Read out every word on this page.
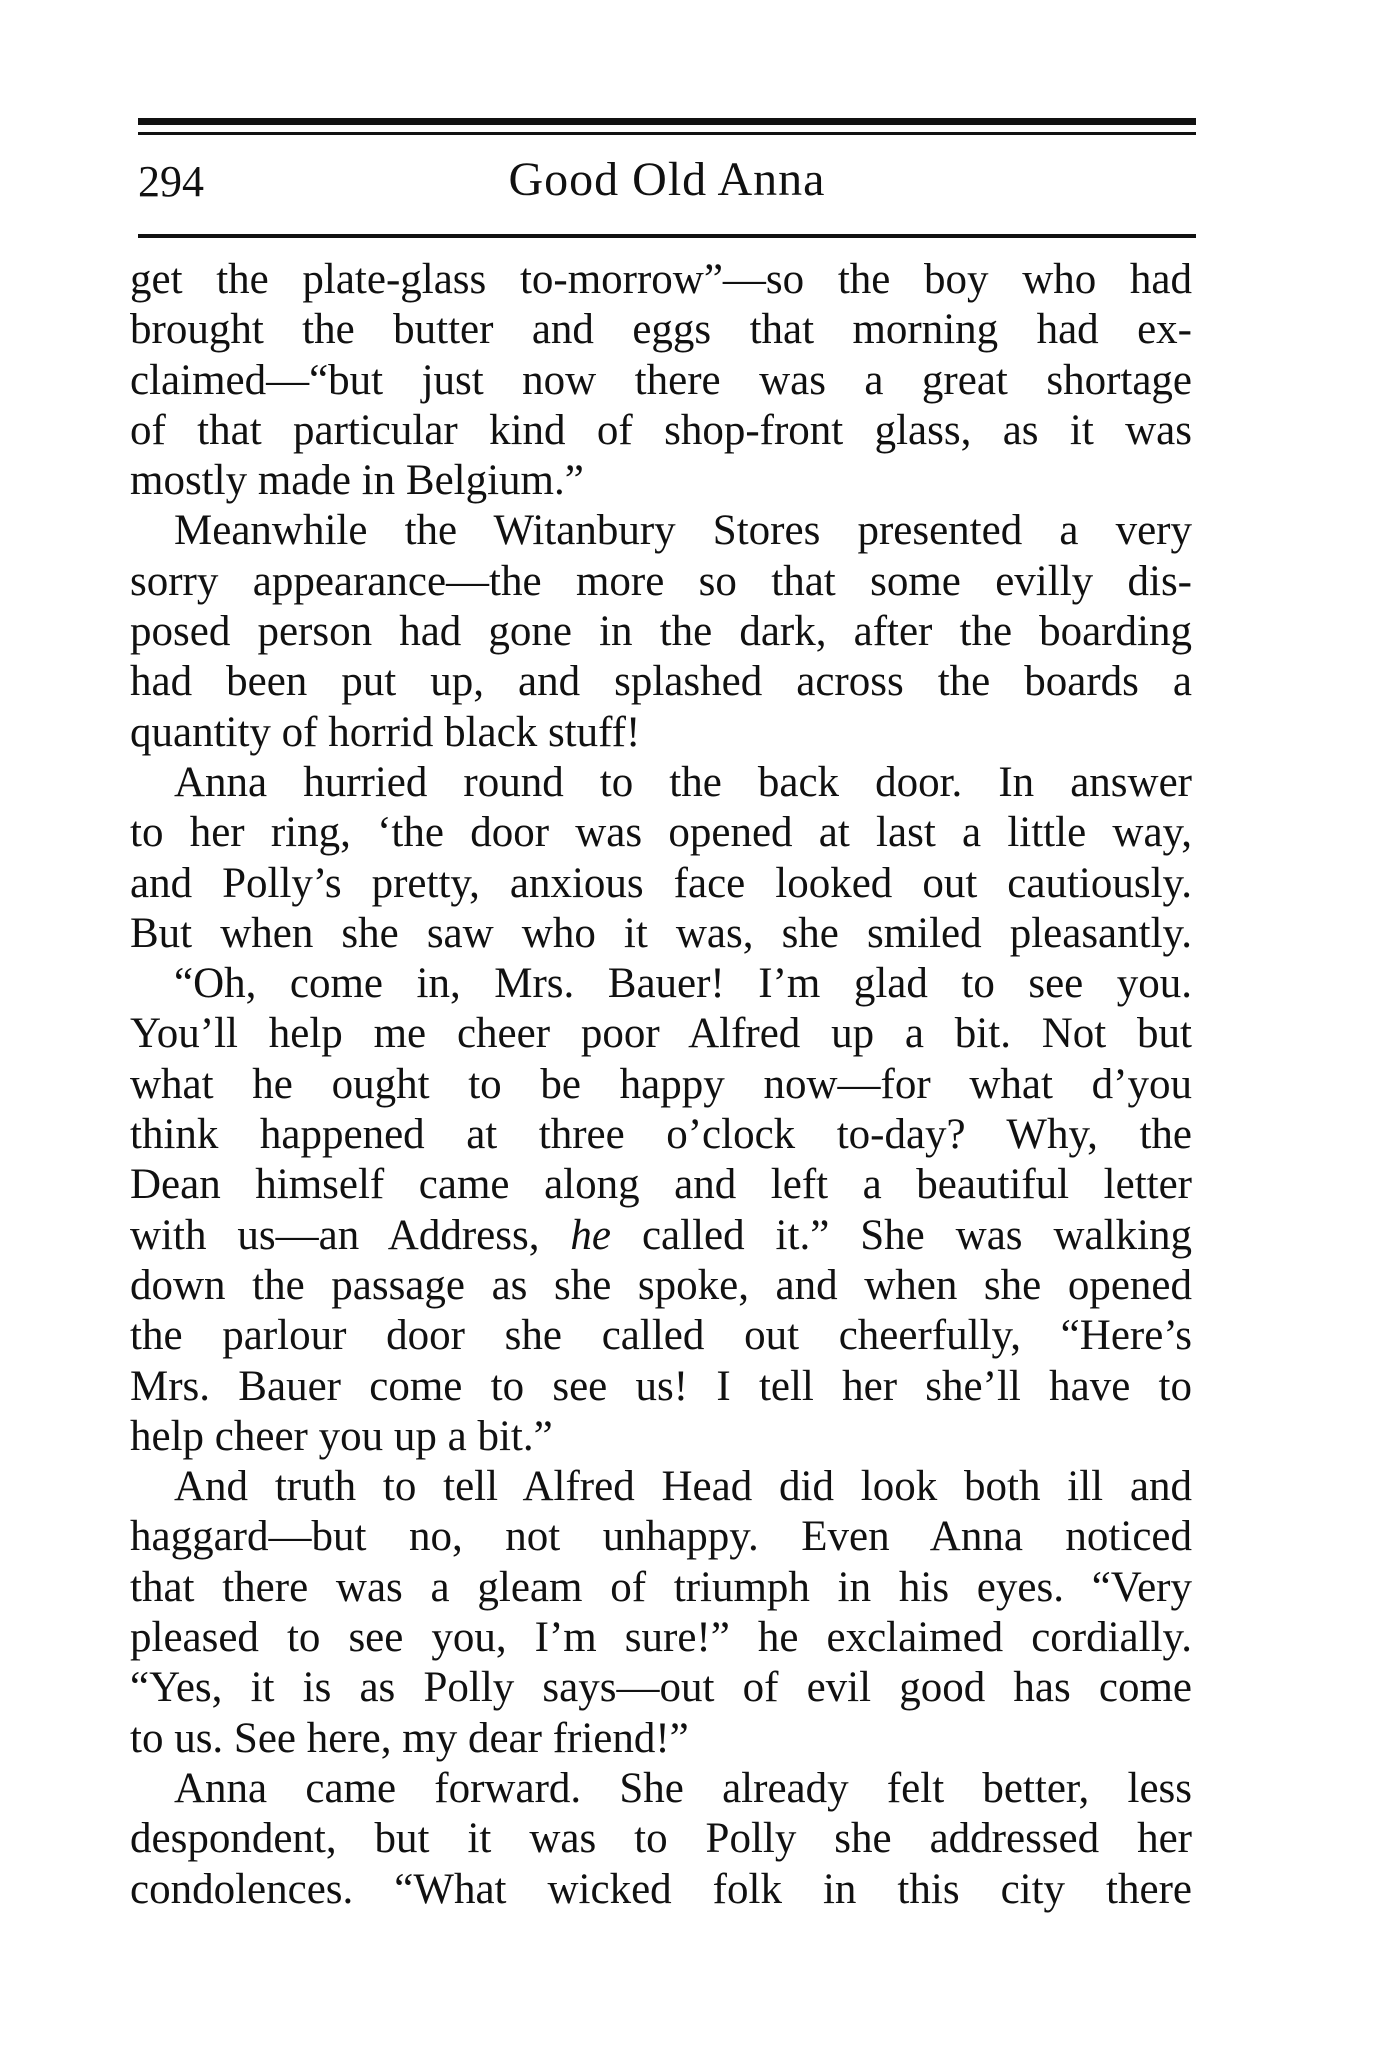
294	Good Old Anna
get the plate-glass to-morrow”—so the boy who had
brought the butter and eggs that morning had ex-
claimed—“but just now there was a great shortage
of that particular kind of shop-front glass, as it was
mostly made in Belgium.”
Meanwhile the Witanbury Stores presented a very
sorry appearance—the more so that some evilly dis-
posed person had gone in the dark, after the boarding
had been put up, and splashed across the boards a
quantity of horrid black stuff!
Anna hurried round to the back door. In answer
to her ring, ‘the door was opened at last a little way,
and Polly’s pretty, anxious face looked out cautiously.
But when she saw who it was, she smiled pleasantly.
“Oh, come in, Mrs. Bauer! I’m glad to see you.
You’ll help me cheer poor Alfred up a bit. Not but
what he ought to be happy now—for what d’you
think happened at three o’clock to-day? Why, the
Dean himself came along and left a beautiful letter
with us—an Address, he called it.” She was walking
down the passage as she spoke, and when she opened
the parlour door she called out cheerfully, “Here’s
Mrs. Bauer come to see us! I tell her she’ll have to
help cheer you up a bit.”
And truth to tell Alfred Head did look both ill and
haggard—but no, not unhappy. Even Anna noticed
that there was a gleam of triumph in his eyes. “Very
pleased to see you, I’m sure!” he exclaimed cordially.
“Yes, it is as Polly says—out of evil good has come
to us. See here, my dear friend!”
Anna came forward. She already felt better, less
despondent, but it was to Polly she addressed her
condolences. “What wicked folk in this city there
